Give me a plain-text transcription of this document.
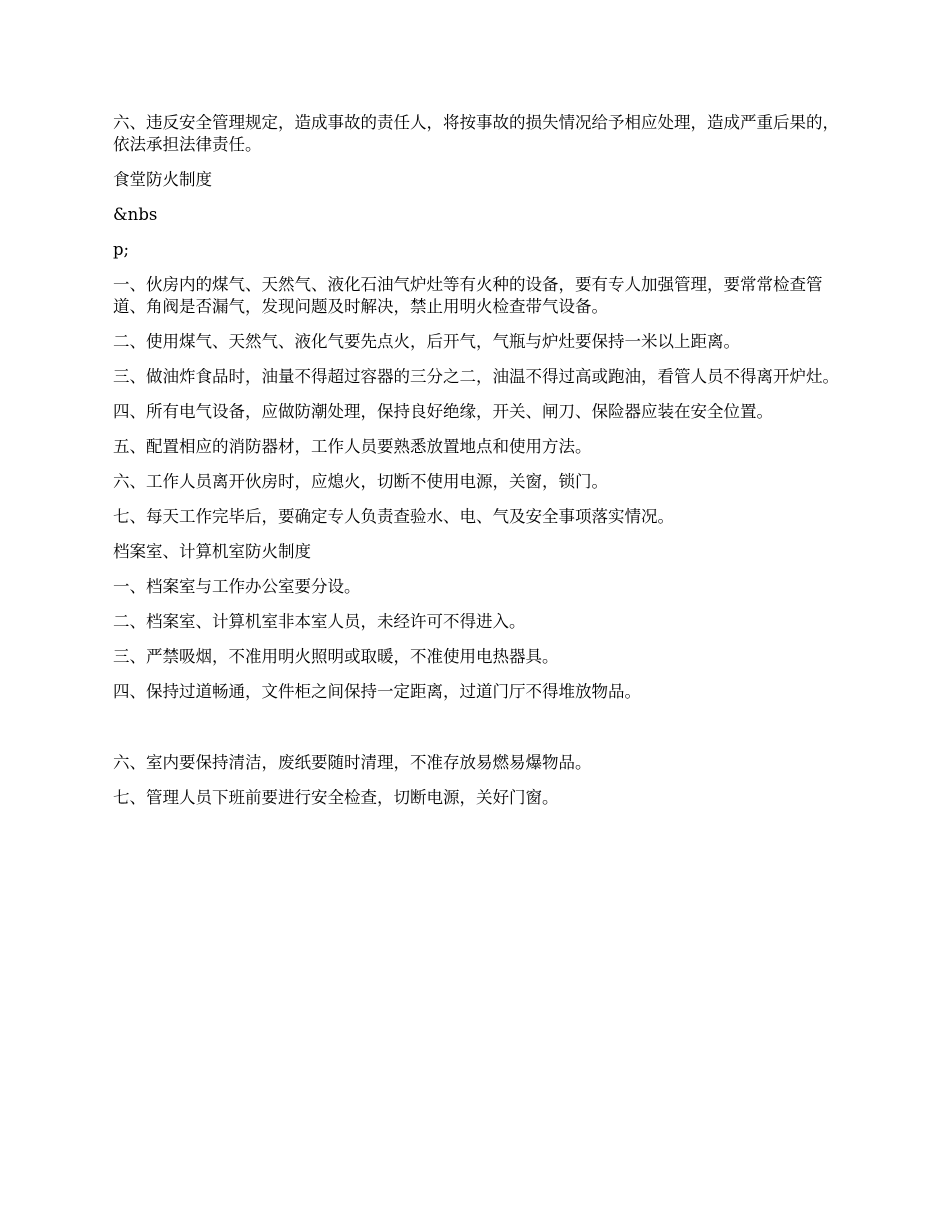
六、违反安全管理规定，造成事故的责任人，将按事故的损失情况给予相应处理，造成严重后果的，依法承担法律责任。

食堂防火制度

&nbs

p;

一、伙房内的煤气、天然气、液化石油气炉灶等有火种的设备，要有专人加强管理，要常常检查管道、角阀是否漏气，发现问题及时解决，禁止用明火检查带气设备。

二、使用煤气、天然气、液化气要先点火，后开气，气瓶与炉灶要保持一米以上距离。

三、做油炸食品时，油量不得超过容器的三分之二，油温不得过高或跑油，看管人员不得离开炉灶。

四、所有电气设备，应做防潮处理，保持良好绝缘，开关、闸刀、保险器应装在安全位置。

五、配置相应的消防器材，工作人员要熟悉放置地点和使用方法。

六、工作人员离开伙房时，应熄火，切断不使用电源，关窗，锁门。

七、每天工作完毕后，要确定专人负责查验水、电、气及安全事项落实情况。

档案室、计算机室防火制度

一、档案室与工作办公室要分设。

二、档案室、计算机室非本室人员，未经许可不得进入。

三、严禁吸烟，不准用明火照明或取暖，不准使用电热器具。

四、保持过道畅通，文件柜之间保持一定距离，过道门厅不得堆放物品。

六、室内要保持清洁，废纸要随时清理，不准存放易燃易爆物品。

七、管理人员下班前要进行安全检查，切断电源，关好门窗。
